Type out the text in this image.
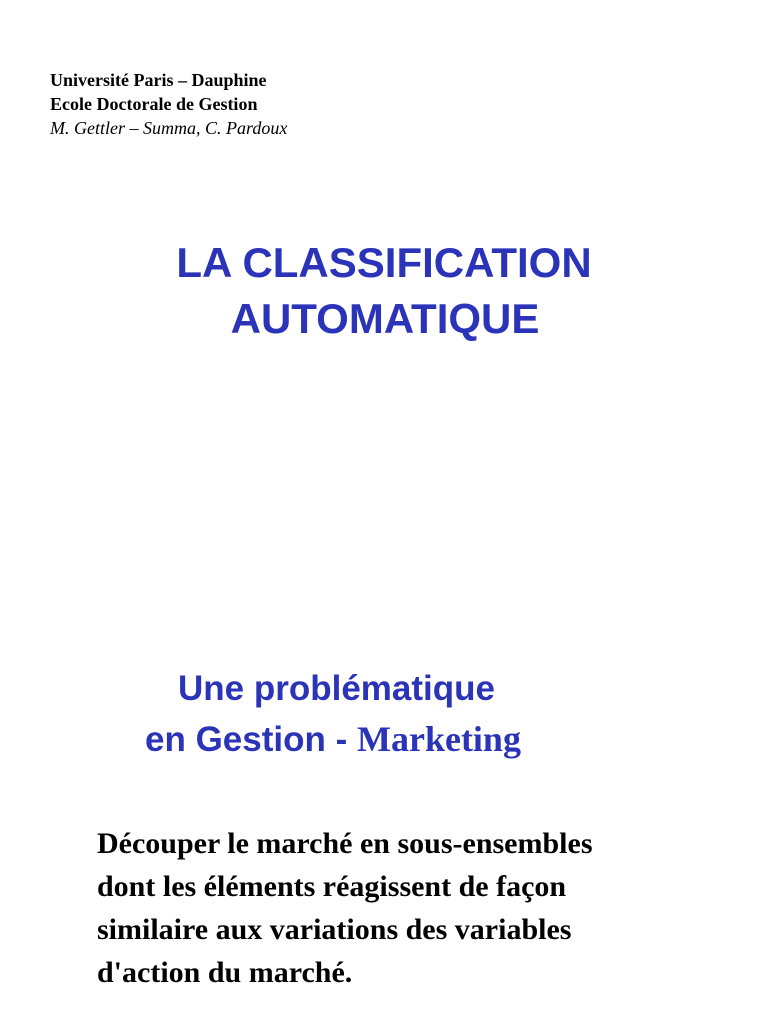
Université Paris – Dauphine
Ecole Doctorale de Gestion
M. Gettler – Summa, C. Pardoux
LA CLASSIFICATION
AUTOMATIQUE
Une problématique
en Gestion - Marketing
Découper le marché en sous-ensembles
dont les éléments réagissent de façon
similaire aux variations des variables
d'action du marché.
